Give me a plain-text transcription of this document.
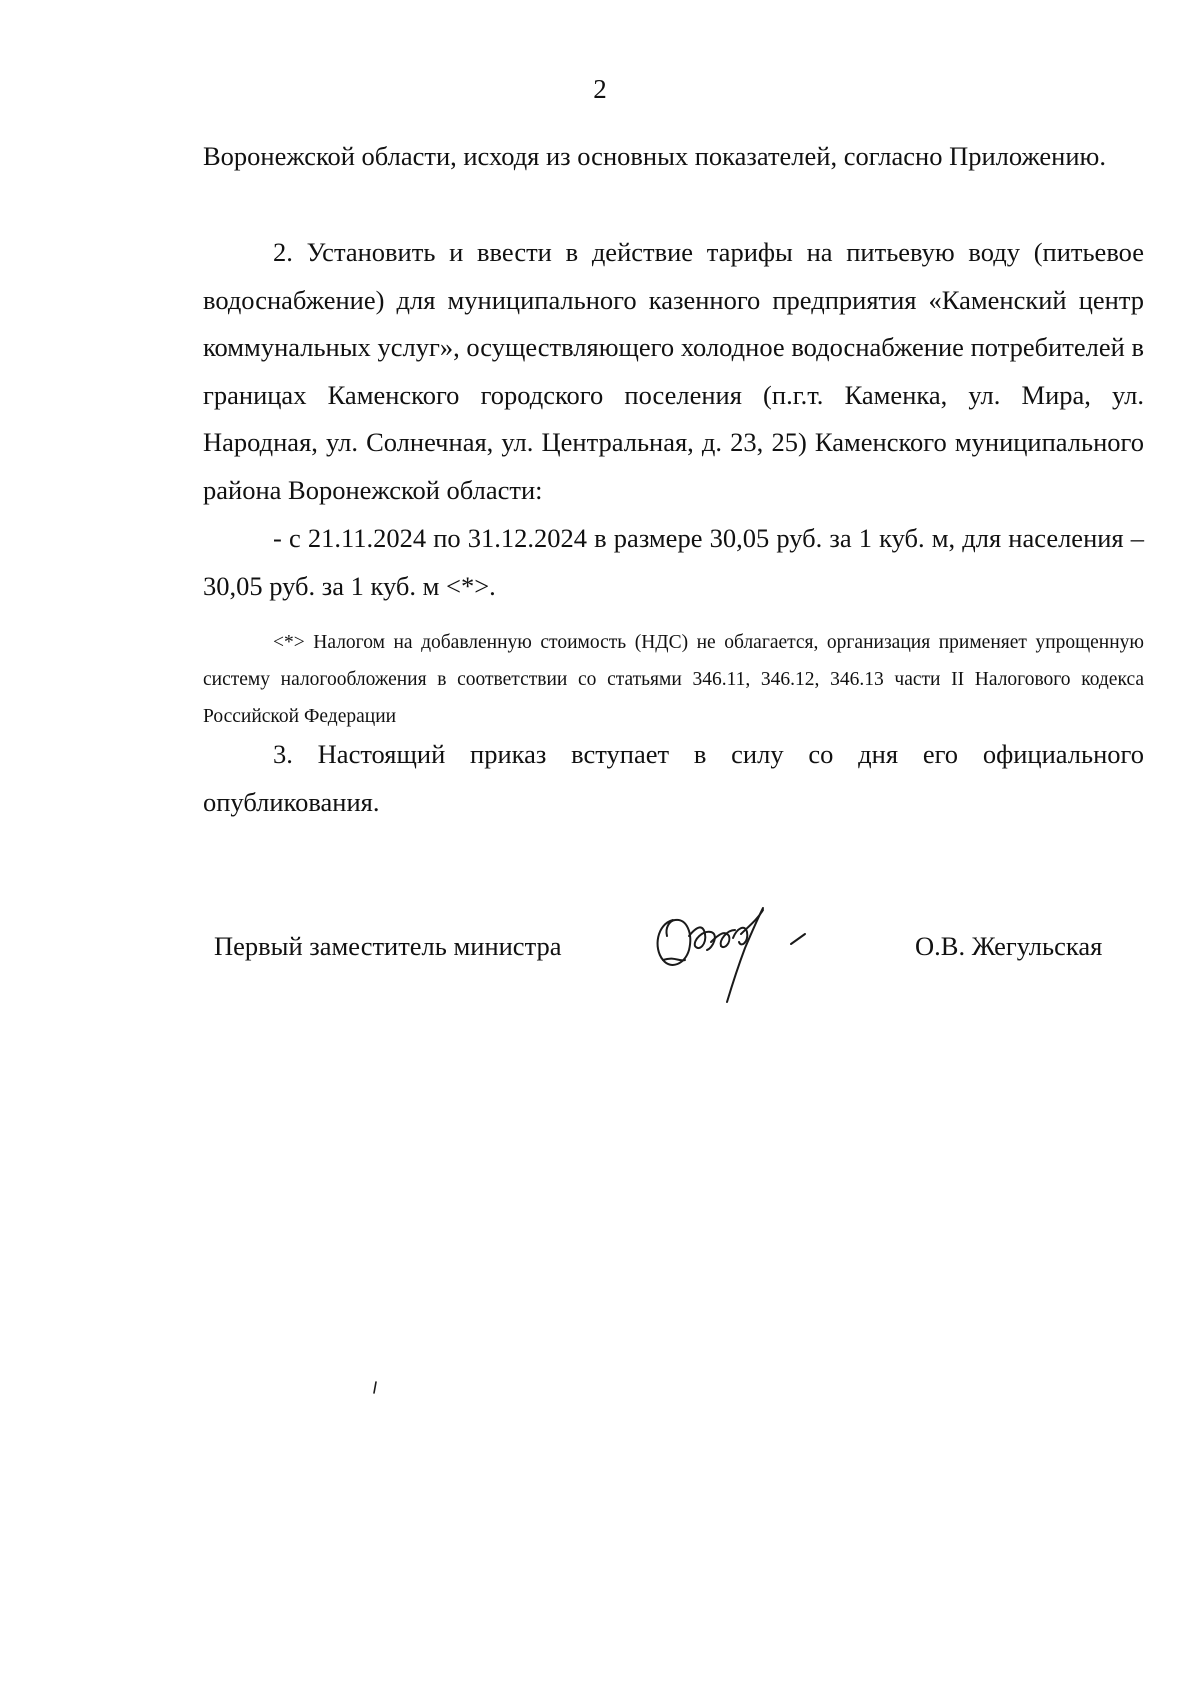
2

Воронежской области, исходя из основных показателей, согласно Приложению.

2. Установить и ввести в действие тарифы на питьевую воду (питьевое водоснабжение) для муниципального казенного предприятия «Каменский центр коммунальных услуг», осуществляющего холодное водоснабжение потребителей в границах Каменского городского поселения (п.г.т. Каменка, ул. Мира, ул. Народная, ул. Солнечная, ул. Центральная, д. 23, 25) Каменского муниципального района Воронежской области:

- с 21.11.2024 по 31.12.2024 в размере 30,05 руб. за 1 куб. м, для населения – 30,05 руб. за 1 куб. м <*>.

<*> Налогом на добавленную стоимость (НДС) не облагается, организация применяет упрощенную систему налогообложения в соответствии со статьями 346.11, 346.12, 346.13 части II Налогового кодекса Российской Федерации

3. Настоящий приказ вступает в силу со дня его официального опубликования.

Первый заместитель министра	О.В. Жегульская
